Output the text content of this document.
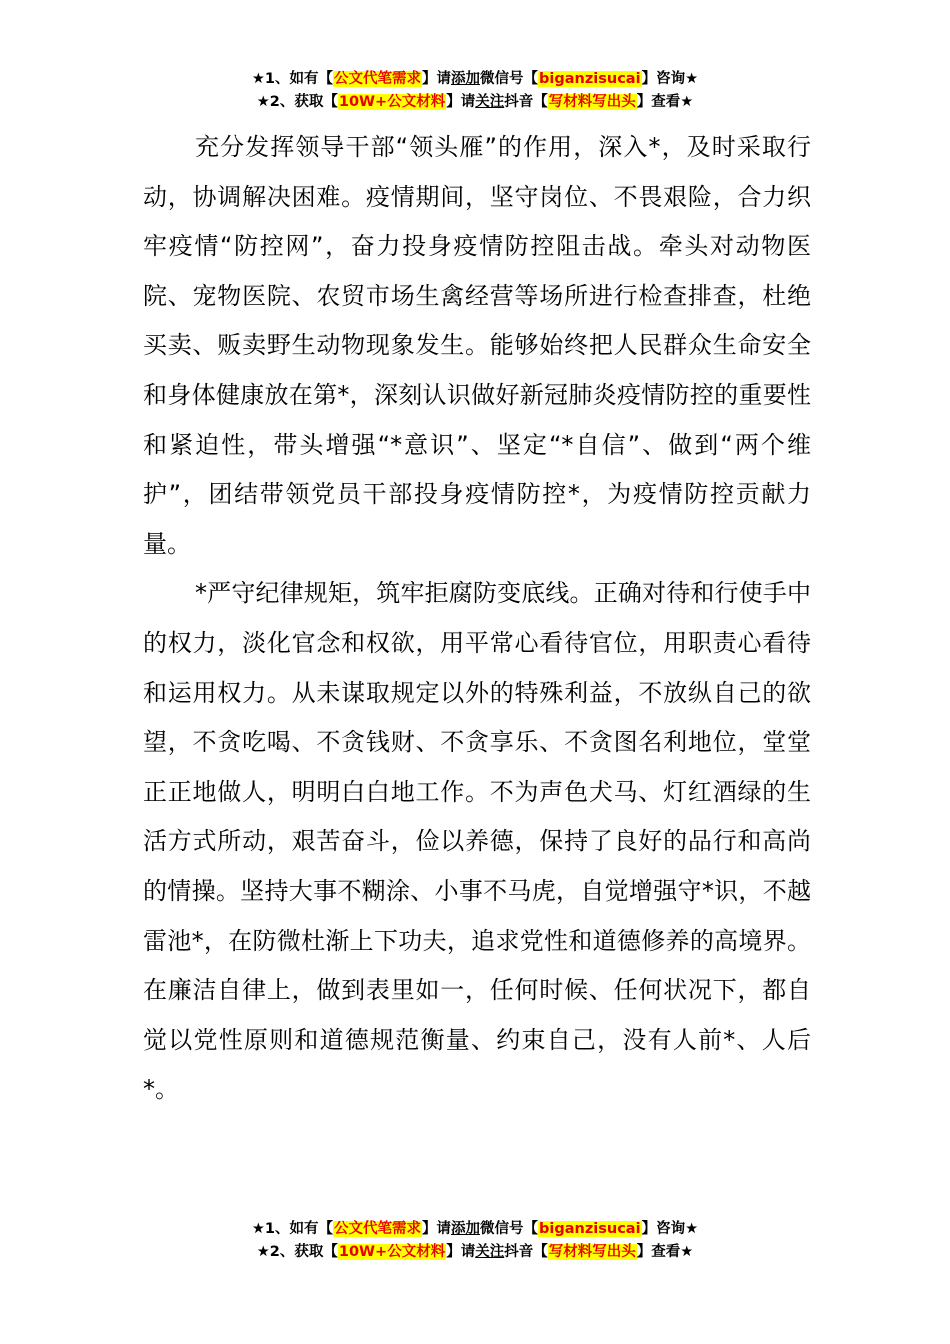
★1、如有【公文代笔需求】请添加微信号【biganzisucai】咨询★
★2、获取【10W+公文材料】请关注抖音【写材料写出头】查看★

充分发挥领导干部“领头雁”的作用，深入*，及时采取行动，协调解决困难。疫情期间，坚守岗位、不畏艰险，合力织牢疫情“防控网”，奋力投身疫情防控阻击战。牵头对动物医院、宠物医院、农贸市场生禽经营等场所进行检查排查，杜绝买卖、贩卖野生动物现象发生。能够始终把人民群众生命安全和身体健康放在第*，深刻认识做好新冠肺炎疫情防控的重要性和紧迫性，带头增强“*意识”、坚定“*自信”、做到“两个维护”，团结带领党员干部投身疫情防控*，为疫情防控贡献力量。

*严守纪律规矩，筑牢拒腐防变底线。正确对待和行使手中的权力，淡化官念和权欲，用平常心看待官位，用职责心看待和运用权力。从未谋取规定以外的特殊利益，不放纵自己的欲望，不贪吃喝、不贪钱财、不贪享乐、不贪图名利地位，堂堂正正地做人，明明白白地工作。不为声色犬马、灯红酒绿的生活方式所动，艰苦奋斗，俭以养德，保持了良好的品行和高尚的情操。坚持大事不糊涂、小事不马虎，自觉增强守*识，不越雷池*，在防微杜渐上下功夫，追求党性和道德修养的高境界。在廉洁自律上，做到表里如一，任何时候、任何状况下，都自觉以党性原则和道德规范衡量、约束自己，没有人前*、人后*。

★1、如有【公文代笔需求】请添加微信号【biganzisucai】咨询★
★2、获取【10W+公文材料】请关注抖音【写材料写出头】查看★
